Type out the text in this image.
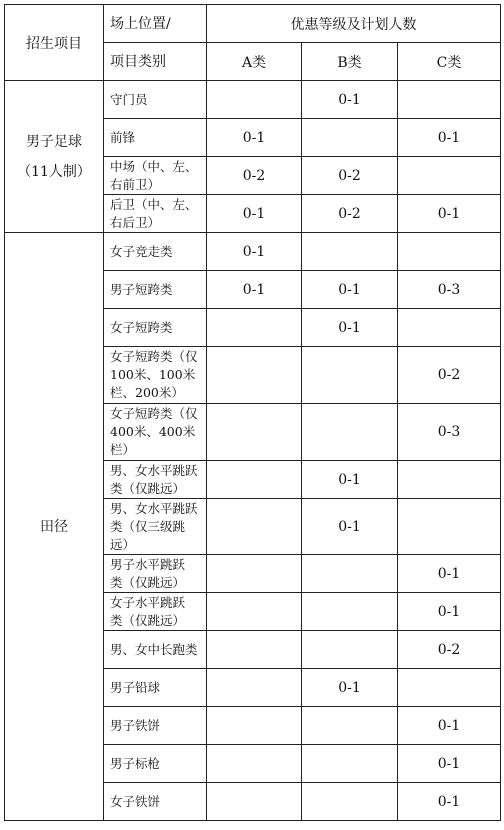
招生项目	场上位置/	优惠等级及计划人数		
	项目类别	A类	B类	C类

男子足球
（11人制）	守门员		0-1	

	前锋	0-1		0-1

	中场（中、左、
右前卫）	0-2	0-2	

	后卫（中、左、
右后卫）	0-1	0-2	0-1

田径	女子竞走类	0-1		

	男子短跨类	0-1	0-1	0-3

	女子短跨类		0-1	

	女子短跨类（仅
100米、100米
栏、200米）			0-2

	女子短跨类（仅
400米、400米
栏）			0-3

	男、女水平跳跃
类（仅跳远）		0-1	

	男、女水平跳跃
类（仅三级跳
远）		0-1	

	男子水平跳跃
类（仅跳远）			0-1

	女子水平跳跃
类（仅跳远）			0-1

	男、女中长跑类			0-2

	男子铅球		0-1	

	男子铁饼			0-1

	男子标枪			0-1

	女子铁饼			0-1
